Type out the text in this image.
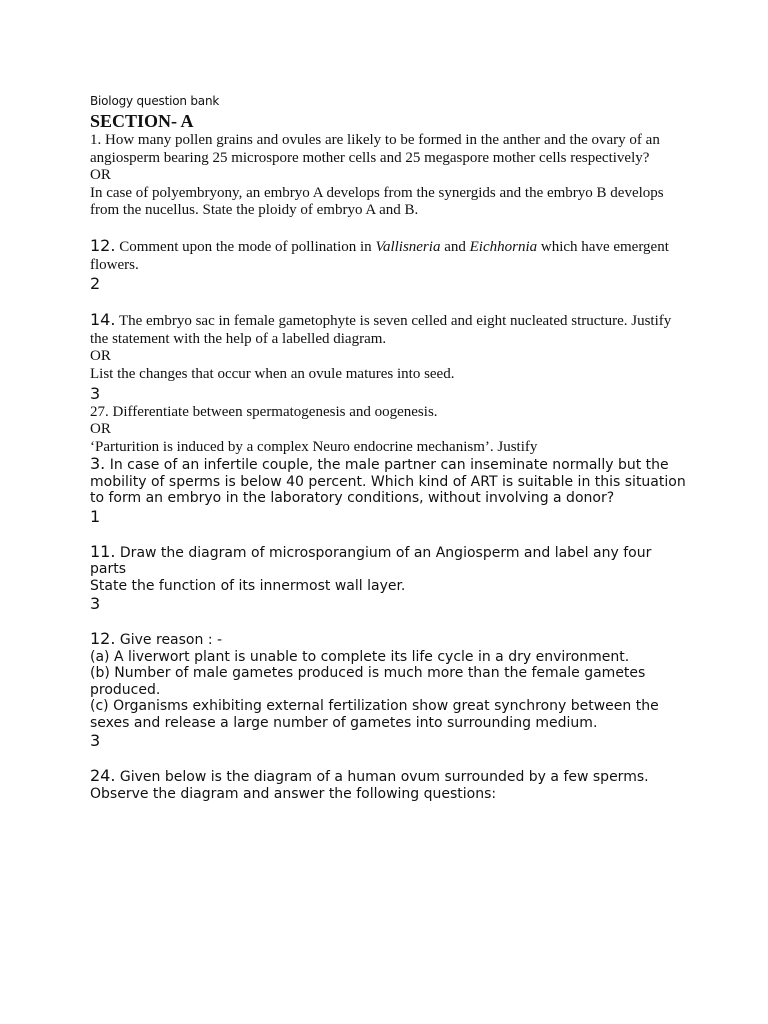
Biology question bank

SECTION- A

1. How many pollen grains and ovules are likely to be formed in the anther and the ovary of an angiosperm bearing 25 microspore mother cells and 25 megaspore mother cells respectively?

OR

In case of polyembryony, an embryo A develops from the synergids and the embryo B develops from the nucellus. State the ploidy of embryo A and B.

12. Comment upon the mode of pollination in Vallisneria and Eichhornia which have emergent flowers.

2

14. The embryo sac in female gametophyte is seven celled and eight nucleated structure. Justify the statement with the help of a labelled diagram.

OR

List the changes that occur when an ovule matures into seed.

3

27. Differentiate between spermatogenesis and oogenesis.

OR

‘Parturition is induced by a complex Neuro endocrine mechanism’. Justify

3. In case of an infertile couple, the male partner can inseminate normally but the mobility of sperms is below 40 percent. Which kind of ART is suitable in this situation to form an embryo in the laboratory conditions, without involving a donor?

1

11. Draw the diagram of microsporangium of an Angiosperm and label any four parts

State the function of its innermost wall layer.

3

12. Give reason : -

(a) A liverwort plant is unable to complete its life cycle in a dry environment.

(b) Number of male gametes produced is much more than the female gametes produced.

(c) Organisms exhibiting external fertilization show great synchrony between the sexes and release a large number of gametes into surrounding medium.

3

24. Given below is the diagram of a human ovum surrounded by a few sperms. Observe the diagram and answer the following questions:
